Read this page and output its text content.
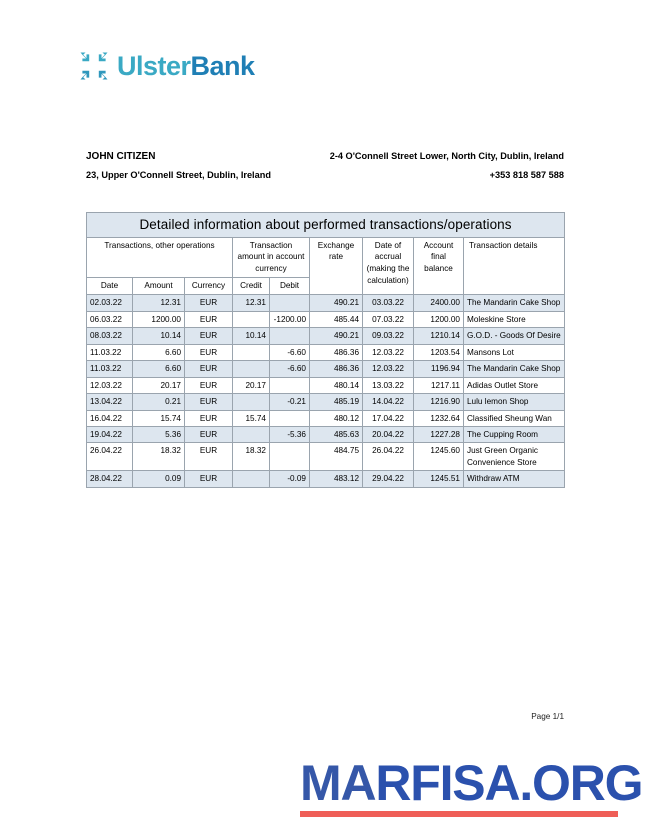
UlsterBank
JOHN CITIZEN	2-4 O'Connell Street Lower, North City, Dublin, Ireland
23, Upper O'Connell Street, Dublin, Ireland	+353 818 587 588
Detailed information about performed transactions/operations								
Transactions, other operations			Transaction amount in account currency		Exchange rate	Date of accrual (making the calculation)	Account final balance	Transaction details

Date	Amount	Currency	Credit	Debit				
02.03.22	12.31	EUR	12.31		490.21	03.03.22	2400.00	The Mandarin Cake Shop
06.03.22	1200.00	EUR		-1200.00	485.44	07.03.22	1200.00	Moleskine Store
08.03.22	10.14	EUR	10.14		490.21	09.03.22	1210.14	G.O.D. - Goods Of Desire
11.03.22	6.60	EUR		-6.60	486.36	12.03.22	1203.54	Mansons Lot
11.03.22	6.60	EUR		-6.60	486.36	12.03.22	1196.94	The Mandarin Cake Shop
12.03.22	20.17	EUR	20.17		480.14	13.03.22	1217.11	Adidas Outlet Store
13.04.22	0.21	EUR		-0.21	485.19	14.04.22	1216.90	Lulu lemon Shop
16.04.22	15.74	EUR	15.74		480.12	17.04.22	1232.64	Classified Sheung Wan
19.04.22	5.36	EUR		-5.36	485.63	20.04.22	1227.28	The Cupping Room
26.04.22	18.32	EUR	18.32		484.75	26.04.22	1245.60	Just Green Organic Convenience Store
28.04.22	0.09	EUR		-0.09	483.12	29.04.22	1245.51	Withdraw ATM
Page 1/1
MARFISA.ORG
